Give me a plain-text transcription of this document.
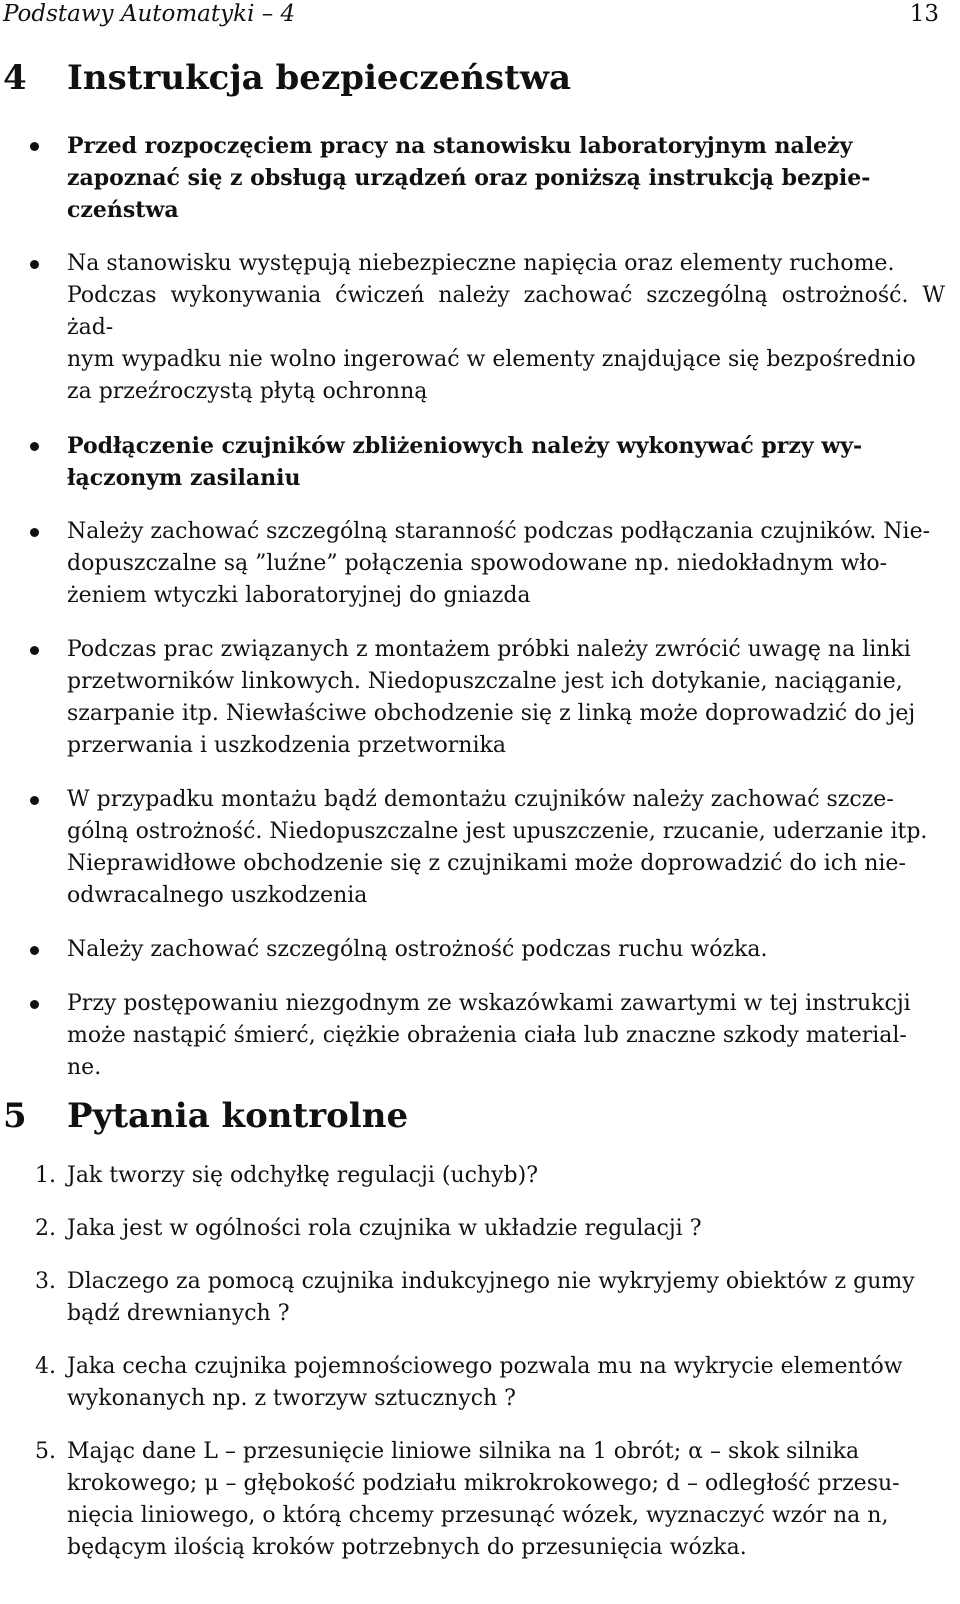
Podstawy Automatyki – 4	13
4 Instrukcja bezpieczeństwa
Przed rozpoczęciem pracy na stanowisku laboratoryjnym należy
zapoznać się z obsługą urządzeń oraz poniższą instrukcją bezpie-
czeństwa
Na stanowisku występują niebezpieczne napięcia oraz elementy ruchome.
Podczas wykonywania ćwiczeń należy zachować szczególną ostrożność. W żad-
nym wypadku nie wolno ingerować w elementy znajdujące się bezpośrednio
za przeźroczystą płytą ochronną
Podłączenie czujników zbliżeniowych należy wykonywać przy wy-
łączonym zasilaniu
Należy zachować szczególną staranność podczas podłączania czujników. Nie-
dopuszczalne są ”luźne” połączenia spowodowane np. niedokładnym wło-
żeniem wtyczki laboratoryjnej do gniazda
Podczas prac związanych z montażem próbki należy zwrócić uwagę na linki
przetworników linkowych. Niedopuszczalne jest ich dotykanie, naciąganie,
szarpanie itp. Niewłaściwe obchodzenie się z linką może doprowadzić do jej
przerwania i uszkodzenia przetwornika
W przypadku montażu bądź demontażu czujników należy zachować szcze-
gólną ostrożność. Niedopuszczalne jest upuszczenie, rzucanie, uderzanie itp.
Nieprawidłowe obchodzenie się z czujnikami może doprowadzić do ich nie-
odwracalnego uszkodzenia
Należy zachować szczególną ostrożność podczas ruchu wózka.
Przy postępowaniu niezgodnym ze wskazówkami zawartymi w tej instrukcji
może nastąpić śmierć, ciężkie obrażenia ciała lub znaczne szkody material-
ne.
5 Pytania kontrolne
1. Jak tworzy się odchyłkę regulacji (uchyb)?
2. Jaka jest w ogólności rola czujnika w układzie regulacji ?
3. Dlaczego za pomocą czujnika indukcyjnego nie wykryjemy obiektów z gumy
bądź drewnianych ?
4. Jaka cecha czujnika pojemnościowego pozwala mu na wykrycie elementów
wykonanych np. z tworzyw sztucznych ?
5. Mając dane L – przesunięcie liniowe silnika na 1 obrót; α – skok silnika
krokowego; μ – głębokość podziału mikrokrokowego; d – odległość przesu-
nięcia liniowego, o którą chcemy przesunąć wózek, wyznaczyć wzór na n,
będącym ilością kroków potrzebnych do przesunięcia wózka.
